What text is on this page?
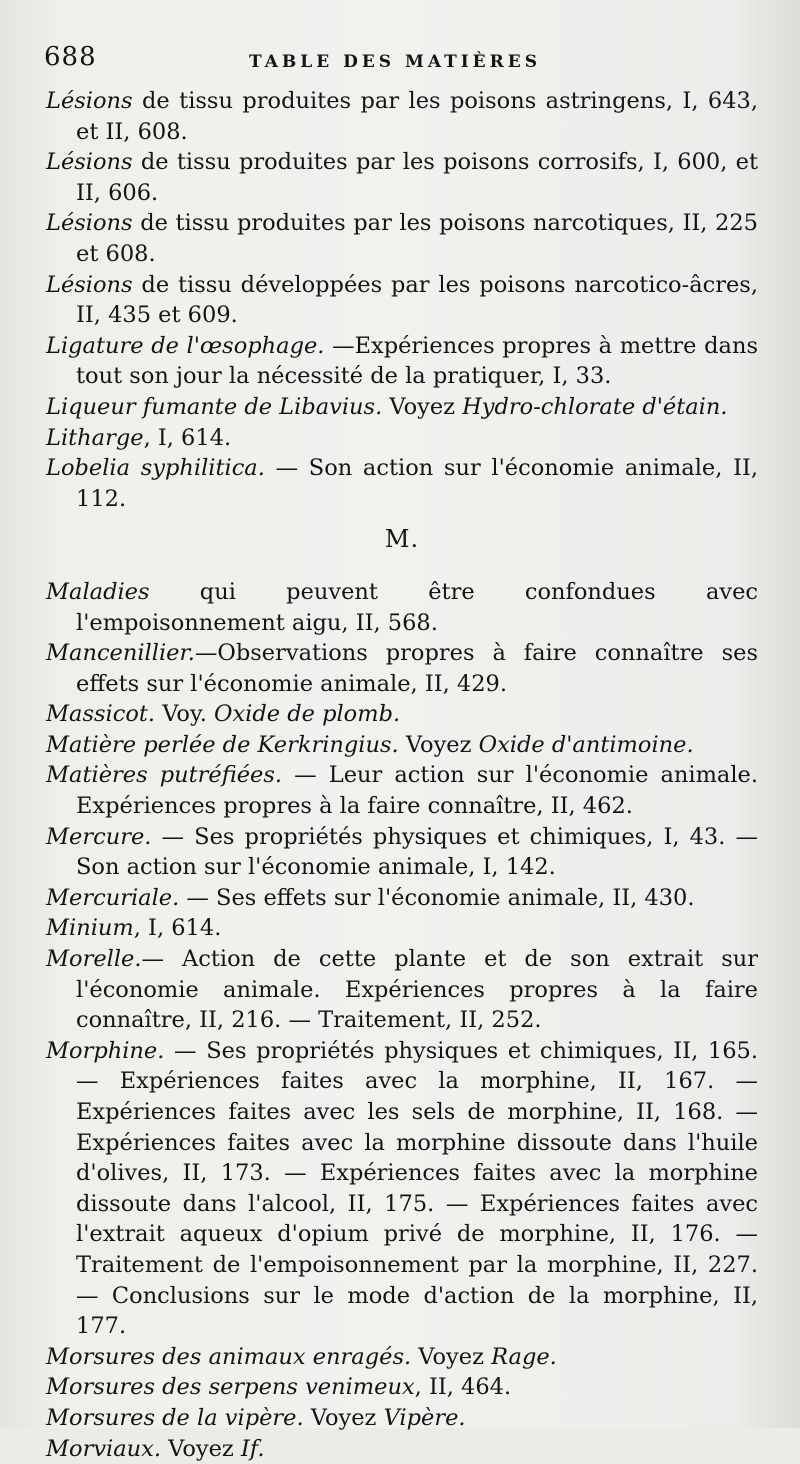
688	TABLE DES MATIÈRES

Lésions de tissu produites par les poisons astringens, I, 643, et II, 608.

Lésions de tissu produites par les poisons corrosifs, I, 600, et II, 606.

Lésions de tissu produites par les poisons narcotiques, II, 225 et 608.

Lésions de tissu développées par les poisons narcotico-âcres, II, 435 et 609.

Ligature de l'œsophage. —Expériences propres à mettre dans tout son jour la nécessité de la pratiquer, I, 33.

Liqueur fumante de Libavius. Voyez Hydro-chlorate d'étain.

Litharge, I, 614.

Lobelia syphilitica. — Son action sur l'économie animale, II, 112.

M.

Maladies qui peuvent être confondues avec l'empoisonnement aigu, II, 568.

Mancenillier.—Observations propres à faire connaître ses effets sur l'économie animale, II, 429.

Massicot. Voy. Oxide de plomb.

Matière perlée de Kerkringius. Voyez Oxide d'antimoine.

Matières putréfiées. — Leur action sur l'économie animale. Expériences propres à la faire connaître, II, 462.

Mercure. — Ses propriétés physiques et chimiques, I, 43. — Son action sur l'économie animale, I, 142.

Mercuriale. — Ses effets sur l'économie animale, II, 430.

Minium, I, 614.

Morelle.— Action de cette plante et de son extrait sur l'économie animale. Expériences propres à la faire connaître, II, 216. — Traitement, II, 252.

Morphine. — Ses propriétés physiques et chimiques, II, 165. — Expériences faites avec la morphine, II, 167. — Expériences faites avec les sels de morphine, II, 168. — Expériences faites avec la morphine dissoute dans l'huile d'olives, II, 173. — Expériences faites avec la morphine dissoute dans l'alcool, II, 175. — Expériences faites avec l'extrait aqueux d'opium privé de morphine, II, 176. — Traitement de l'empoisonnement par la morphine, II, 227. — Conclusions sur le mode d'action de la morphine, II, 177.

Morsures des animaux enragés. Voyez Rage.

Morsures des serpens venimeux, II, 464.

Morsures de la vipère. Voyez Vipère.

Morviaux. Voyez If.
